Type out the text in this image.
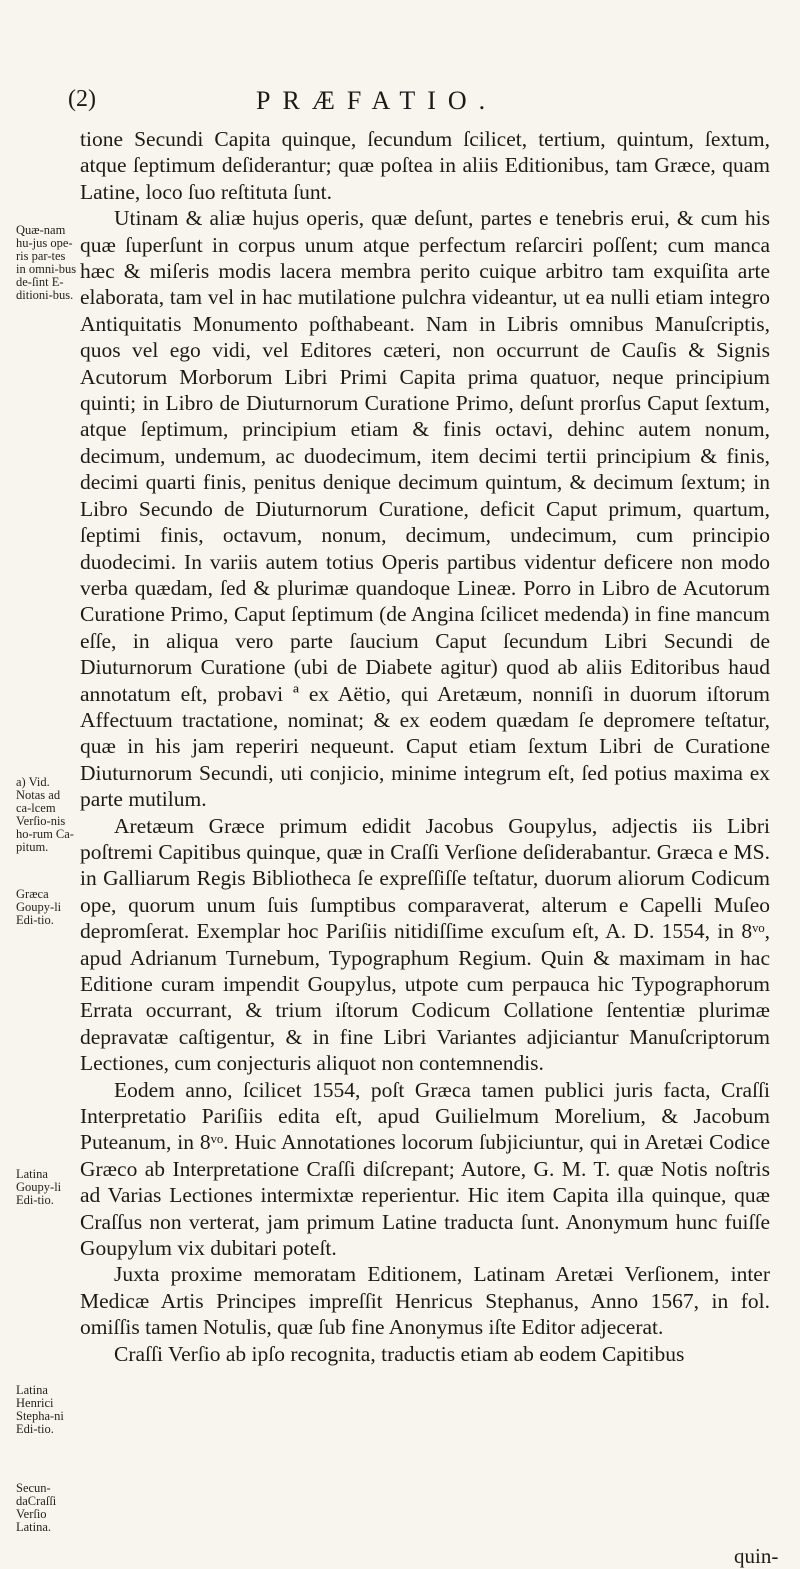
(2)	PRÆFATIO.

tione Secundi Capita quinque, ſecundum ſcilicet, tertium, quintum, ſextum, atque ſeptimum deſiderantur; quæ poſtea in aliis Editionibus, tam Græce, quam Latine, loco ſuo reſtituta ſunt.

Utinam & aliæ hujus operis, quæ deſunt, partes e tenebris erui, & cum his quæ ſuperſunt in corpus unum atque perfectum reſarciri poſſent; cum manca hæc & miſeris modis lacera membra perito cuique arbitro tam exquiſita arte elaborata, tam vel in hac mutilatione pulchra videantur, ut ea nulli etiam integro Antiquitatis Monumento poſthabeant. Nam in Libris omnibus Manuſcriptis, quos vel ego vidi, vel Editores cæteri, non occurrunt de Cauſis & Signis Acutorum Morborum Libri Primi Capita prima quatuor, neque principium quinti; in Libro de Diuturnorum Curatione Primo, deſunt prorſus Caput ſextum, atque ſeptimum, principium etiam & finis octavi, dehinc autem nonum, decimum, undemum, ac duodecimum, item decimi tertii principium & finis, decimi quarti finis, penitus denique decimum quintum, & decimum ſextum; in Libro Secundo de Diuturnorum Curatione, deficit Caput primum, quartum, ſeptimi finis, octavum, nonum, decimum, undecimum, cum principio duodecimi. In variis autem totius Operis partibus videntur deficere non modo verba quædam, ſed & plurimæ quandoque Lineæ. Porro in Libro de Acutorum Curatione Primo, Caput ſeptimum (de Angina ſcilicet medenda) in fine mancum eſſe, in aliqua vero parte ſaucium Caput ſecundum Libri Secundi de Diuturnorum Curatione (ubi de Diabete agitur) quod ab aliis Editoribus haud annotatum eſt, probavi ª ex Aëtio, qui Aretæum, nonniſi in duorum iſtorum Affectuum tractatione, nominat; & ex eodem quædam ſe depromere teſtatur, quæ in his jam reperiri nequeunt. Caput etiam ſextum Libri de Curatione Diuturnorum Secundi, uti conjicio, minime integrum eſt, ſed potius maxima ex parte mutilum.

Aretæum Græce primum edidit Jacobus Goupylus, adjectis iis Libri poſtremi Capitibus quinque, quæ in Craſſi Verſione deſiderabantur. Græca e MS. in Galliarum Regis Bibliotheca ſe expreſſiſſe teſtatur, duorum aliorum Codicum ope, quorum unum ſuis ſumptibus comparaverat, alterum e Capelli Muſeo depromſerat. Exemplar hoc Pariſiis nitidiſſime excuſum eſt, A. D. 1554, in 8ᵛᵒ, apud Adrianum Turnebum, Typographum Regium. Quin & maximam in hac Editione curam impendit Goupylus, utpote cum perpauca hic Typographorum Errata occurrant, & trium iſtorum Codicum Collatione ſententiæ plurimæ depravatæ caſtigentur, & in fine Libri Variantes adjiciantur Manuſcriptorum Lectiones, cum conjecturis aliquot non contemnendis.

Eodem anno, ſcilicet 1554, poſt Græca tamen publici juris facta, Craſſi Interpretatio Pariſiis edita eſt, apud Guilielmum Morelium, & Jacobum Puteanum, in 8ᵛᵒ. Huic Annotationes locorum ſubjiciuntur, qui in Aretæi Codice Græco ab Interpretatione Craſſi diſcrepant; Autore, G. M. T. quæ Notis noſtris ad Varias Lectiones intermixtæ reperientur. Hic item Capita illa quinque, quæ Craſſus non verterat, jam primum Latine traducta ſunt. Anonymum hunc fuiſſe Goupylum vix dubitari poteſt.

Juxta proxime memoratam Editionem, Latinam Aretæi Verſionem, inter Medicæ Artis Principes impreſſit Henricus Stephanus, Anno 1567, in fol. omiſſis tamen Notulis, quæ ſub fine Anonymus iſte Editor adjecerat.

Craſſi Verſio ab ipſo recognita, traductis etiam ab eodem Capitibus

Quæ-nam hu-jus ope-ris par-tes in omni-bus de-ſint E-ditioni-bus.
a) Vid. Notas ad ca-lcem Verſio-nis ho-rum Ca-pitum.
Græca Goupy-li Edi-tio.
Latina Goupy-li Edi-tio.
Latina Henrici Stepha-ni Edi-tio.
Secun-daCraſſi Verſio Latina.
quin-
